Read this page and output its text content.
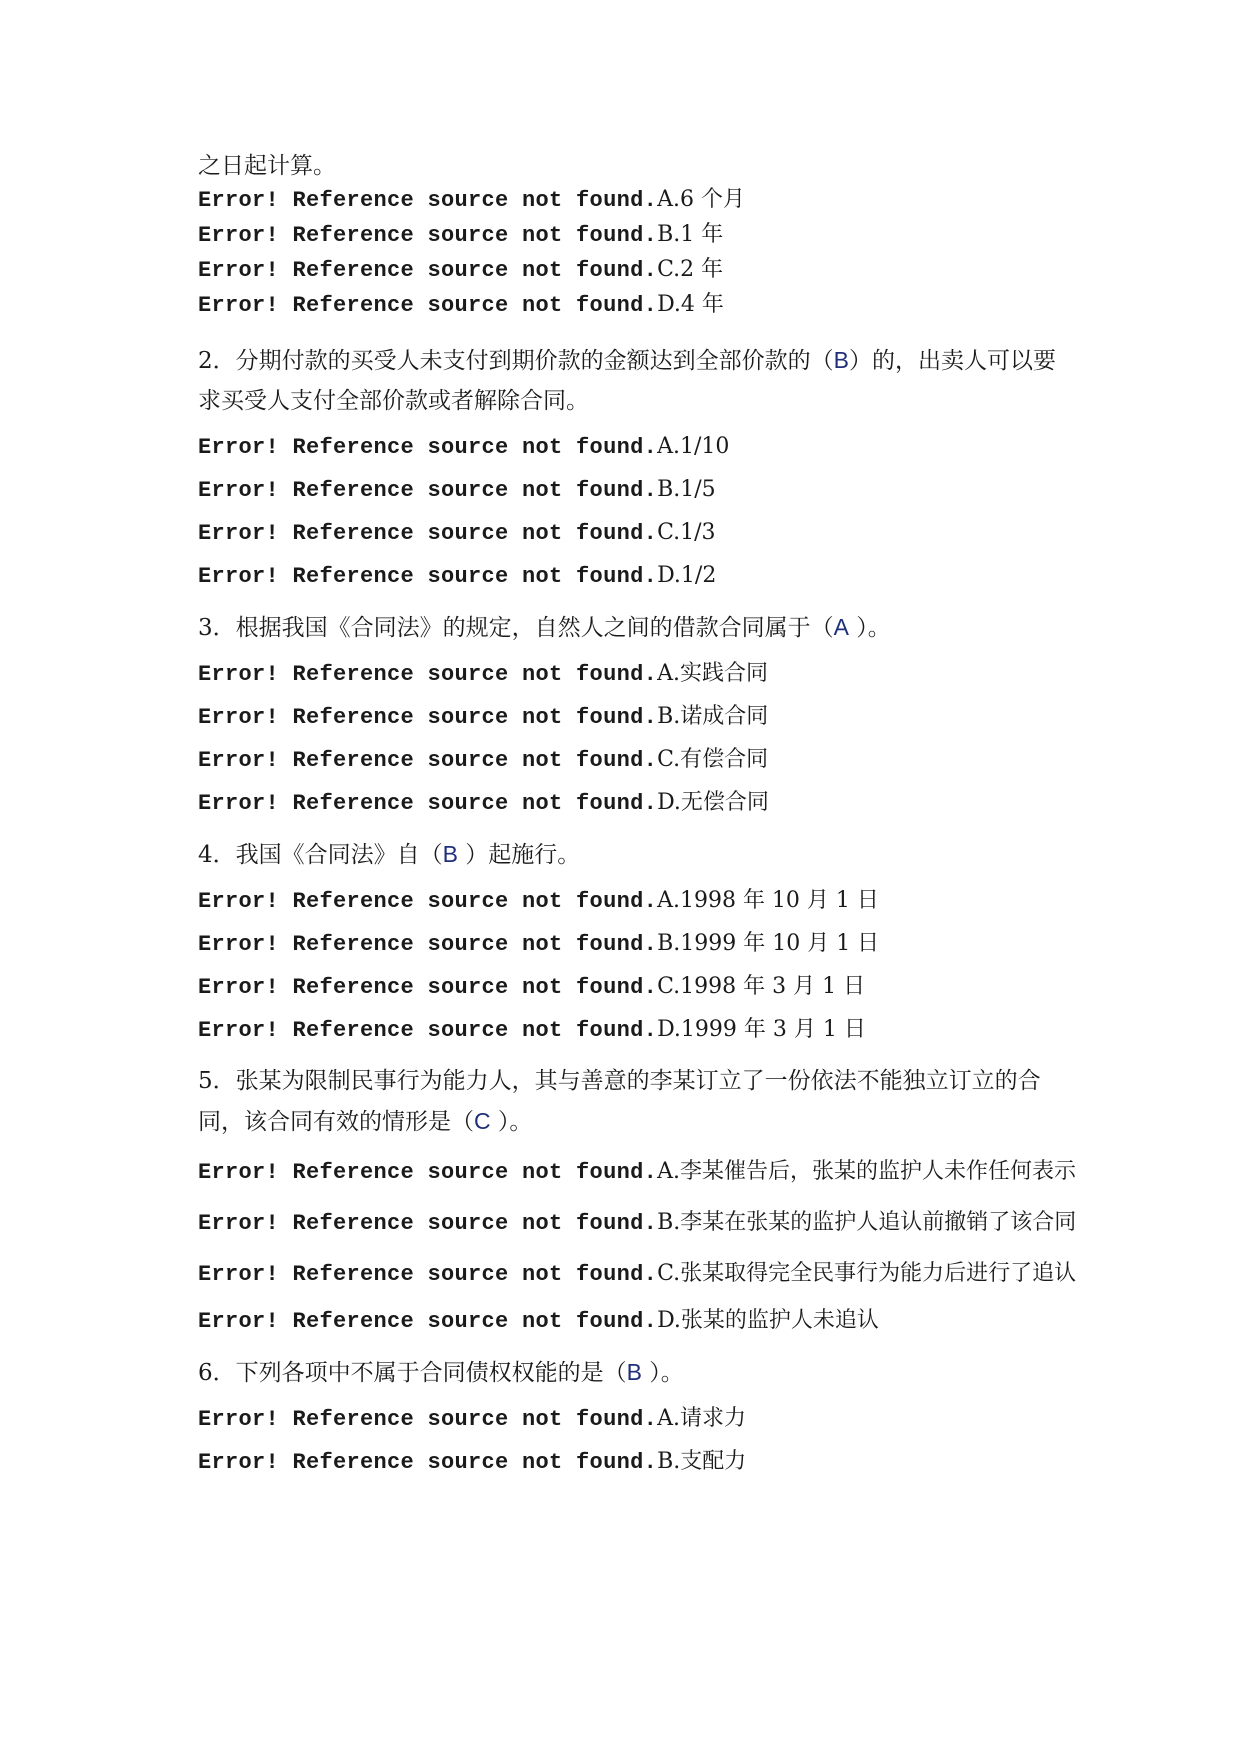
之日起计算。
Error! Reference source not found.A.6 个月
Error! Reference source not found.B.1 年
Error! Reference source not found.C.2 年
Error! Reference source not found.D.4 年
2．分期付款的买受人未支付到期价款的金额达到全部价款的（B）的，出卖人可以要求买受人支付全部价款或者解除合同。
Error! Reference source not found.A.1/10
Error! Reference source not found.B.1/5
Error! Reference source not found.C.1/3
Error! Reference source not found.D.1/2
3．根据我国《合同法》的规定，自然人之间的借款合同属于（A ）。
Error! Reference source not found.A.实践合同
Error! Reference source not found.B.诺成合同
Error! Reference source not found.C.有偿合同
Error! Reference source not found.D.无偿合同
4．我国《合同法》自（B ）起施行。
Error! Reference source not found.A.1998 年 10 月 1 日
Error! Reference source not found.B.1999 年 10 月 1 日
Error! Reference source not found.C.1998 年 3 月 1 日
Error! Reference source not found.D.1999 年 3 月 1 日
5．张某为限制民事行为能力人，其与善意的李某订立了一份依法不能独立订立的合同，该合同有效的情形是（C ）。
Error! Reference source not found.A.李某催告后，张某的监护人未作任何表示
Error! Reference source not found.B.李某在张某的监护人追认前撤销了该合同
Error! Reference source not found.C.张某取得完全民事行为能力后进行了追认
Error! Reference source not found.D.张某的监护人未追认
6．下列各项中不属于合同债权权能的是（B ）。
Error! Reference source not found.A.请求力
Error! Reference source not found.B.支配力
